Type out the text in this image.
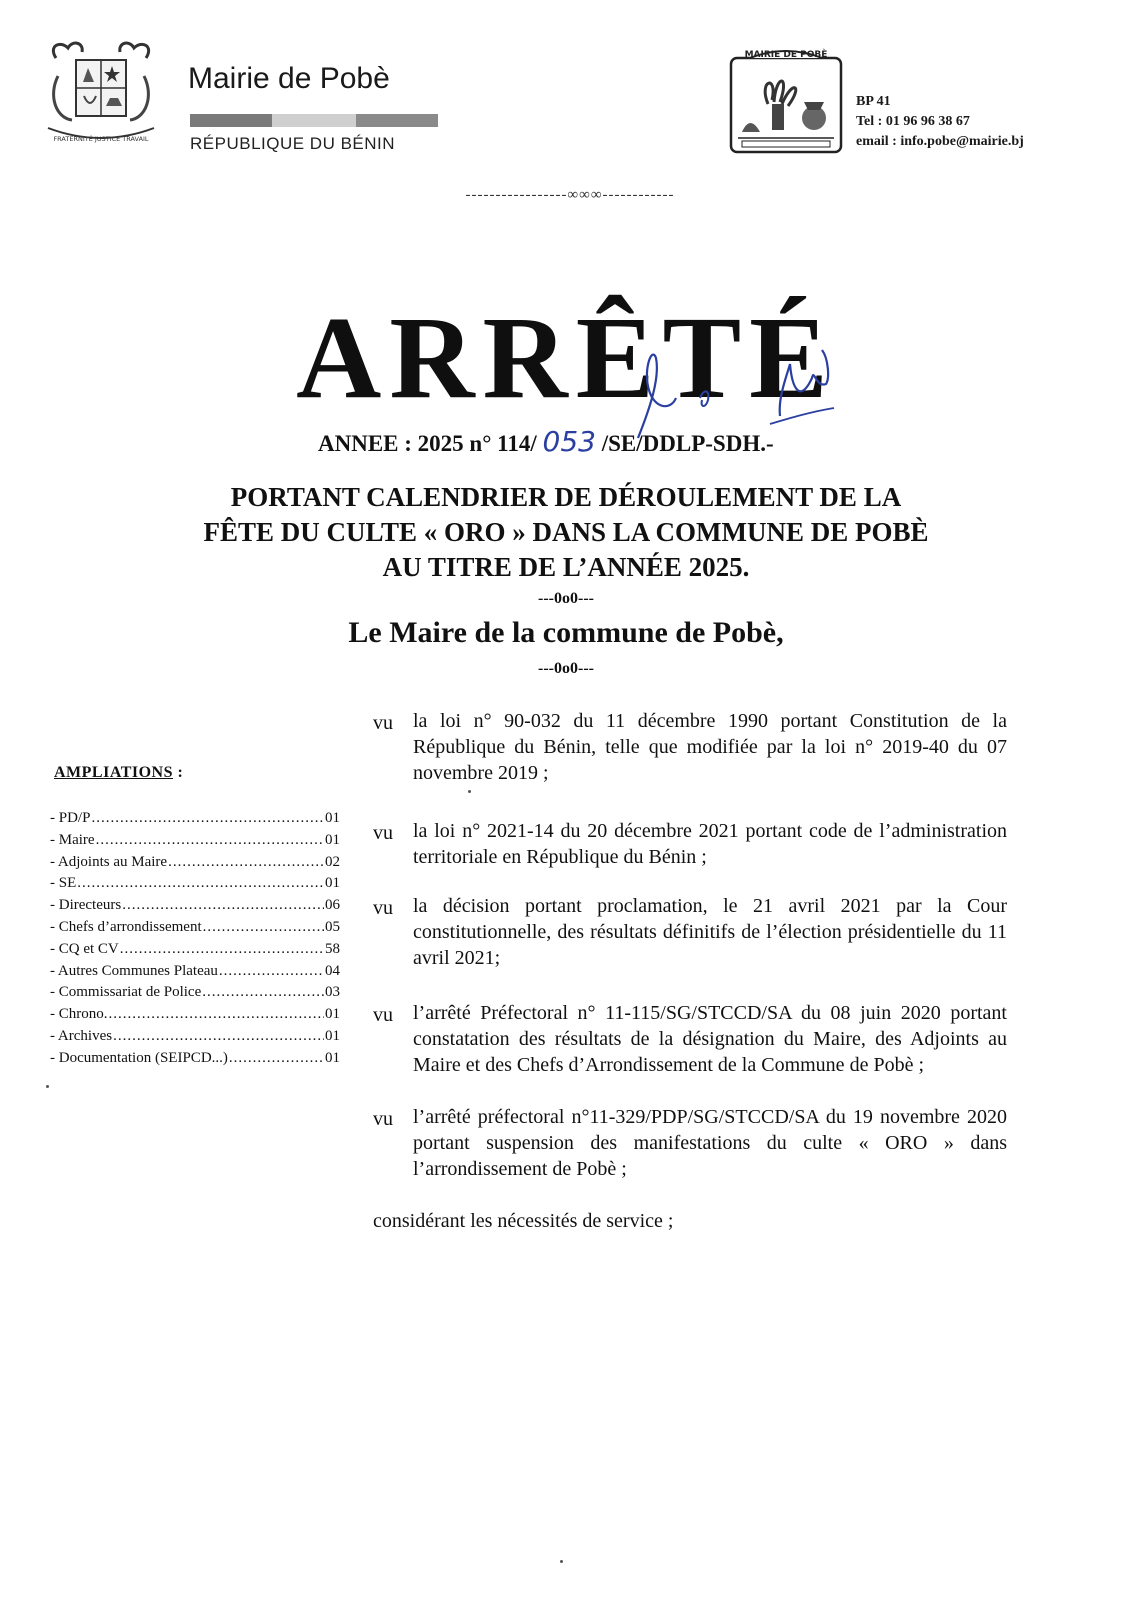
FRATERNITÉ JUSTICE TRAVAIL
Mairie de Pobè
RÉPUBLIQUE DU BÉNIN
MAIRIE DE POBÈ
BP 41
Tel : 01 96 96 38 67
email : info.pobe@mairie.bj
-----------------∞∞∞------------
ARRÊTÉ
ANNEE : 2025 n° 114/ 053 /SE/DDLP-SDH.-
PORTANT CALENDRIER DE DÉROULEMENT DE LA
FÊTE DU CULTE « ORO » DANS LA COMMUNE DE POBÈ
AU TITRE DE L’ANNÉE 2025.
---0o0---
Le Maire de la commune de Pobè,
---0o0---
AMPLIATIONS :
- PD/P .....	01
- Maire .....	01
- Adjoints au Maire .....	02
- SE .....	01
- Directeurs .....	06
- Chefs d’arrondissement .....	05
- CQ et CV .....	58
- Autres Communes Plateau .....	04
- Commissariat de Police .....	03
- Chrono. .....	01
- Archives .....	01
- Documentation (SEIPCD...) .....	01
vu la loi n° 90-032 du 11 décembre 1990 portant Constitution de la République du Bénin, telle que modifiée par la loi n° 2019-40 du 07 novembre 2019 ;
vu la loi n° 2021-14 du 20 décembre 2021 portant code de l’administration territoriale en République du Bénin ;
vu la décision portant proclamation, le 21 avril 2021 par la Cour constitutionnelle, des résultats définitifs de l’élection présidentielle du 11 avril 2021;
vu l’arrêté Préfectoral n° 11-115/SG/STCCD/SA du 08 juin 2020 portant constatation des résultats de la désignation du Maire, des Adjoints au Maire et des Chefs d’Arrondissement de la Commune de Pobè ;
vu l’arrêté préfectoral n°11-329/PDP/SG/STCCD/SA du 19 novembre 2020 portant suspension des manifestations du culte « ORO » dans l’arrondissement de Pobè ;
considérant les nécessités de service ;
